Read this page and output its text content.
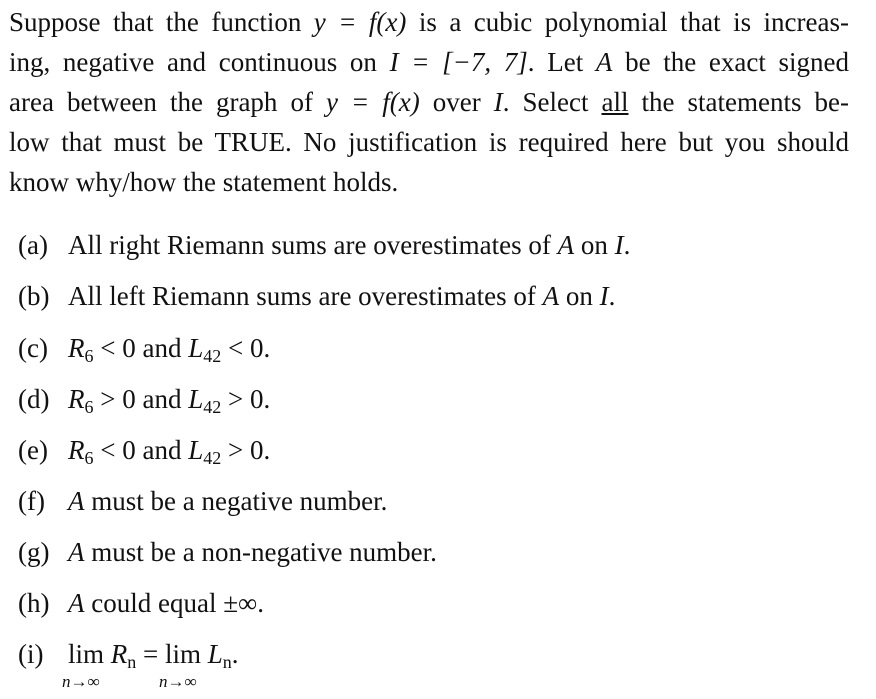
Suppose that the function y = f(x) is a cubic polynomial that is increas-
ing, negative and continuous on I = [−7, 7]. Let A be the exact signed
area between the graph of y = f(x) over I. Select all the statements be-
low that must be TRUE. No justification is required here but you should
know why/how the statement holds.
(a) All right Riemann sums are overestimates of A on I.
(b) All left Riemann sums are overestimates of A on I.
(c) $R_6 < 0$ and $L_{42} < 0$.
(d) $R_6 > 0$ and $L_{42} > 0$.
(e) $R_6 < 0$ and $L_{42} > 0$.
(f) A must be a negative number.
(g) A must be a non-negative number.
(h) A could equal ±∞.
(i) lim
n→∞
$R_n = \lim$
n→∞
$L_n$.
